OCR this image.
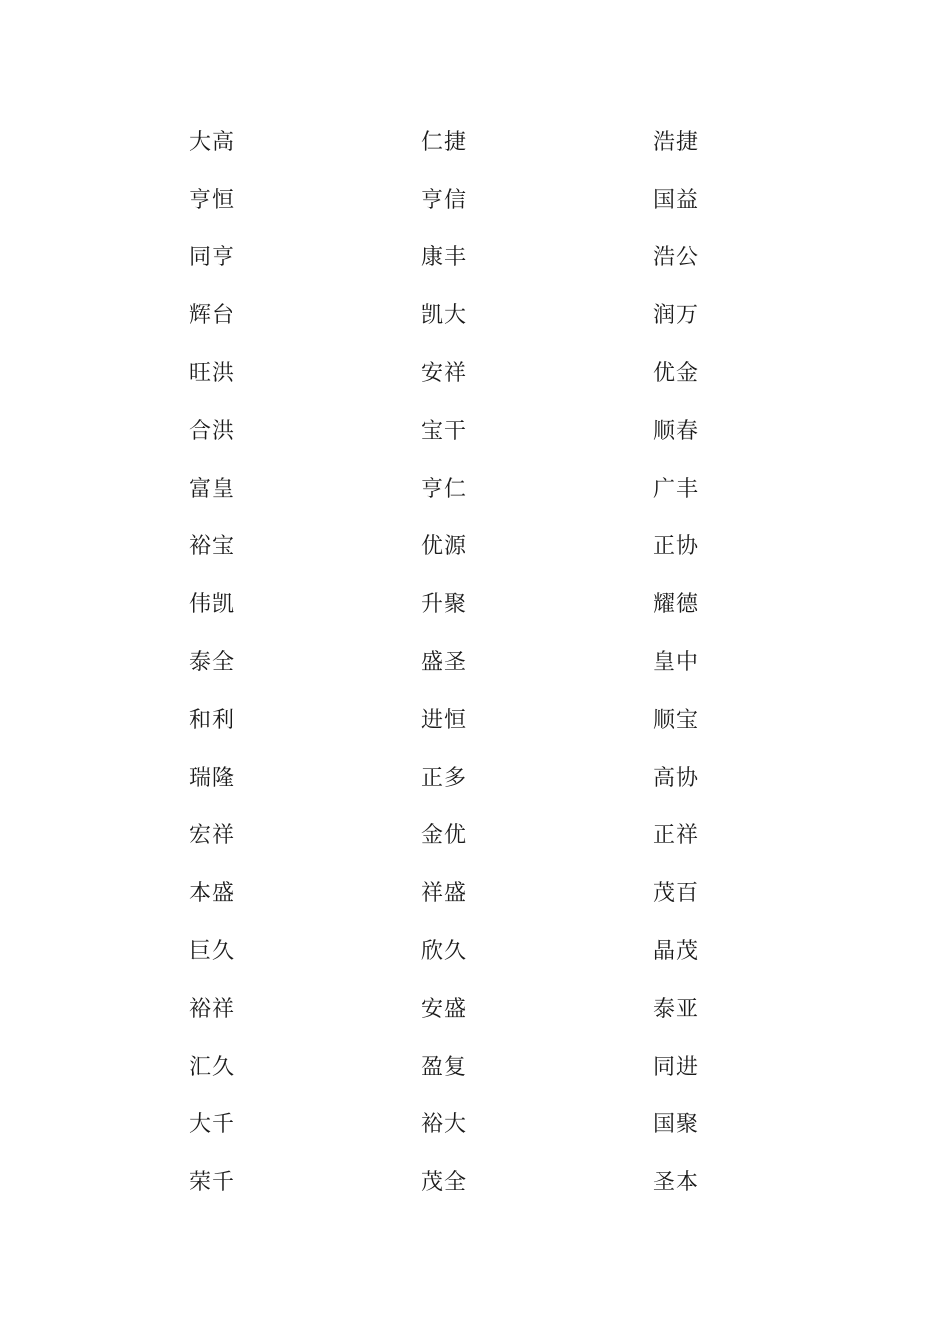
大高	仁捷	浩捷
亨恒	亨信	国益
同亨	康丰	浩公
辉台	凯大	润万
旺洪	安祥	优金
合洪	宝干	顺春
富皇	亨仁	广丰
裕宝	优源	正协
伟凯	升聚	耀德
泰全	盛圣	皇中
和利	进恒	顺宝
瑞隆	正多	高协
宏祥	金优	正祥
本盛	祥盛	茂百
巨久	欣久	晶茂
裕祥	安盛	泰亚
汇久	盈复	同进
大千	裕大	国聚
荣千	茂全	圣本
